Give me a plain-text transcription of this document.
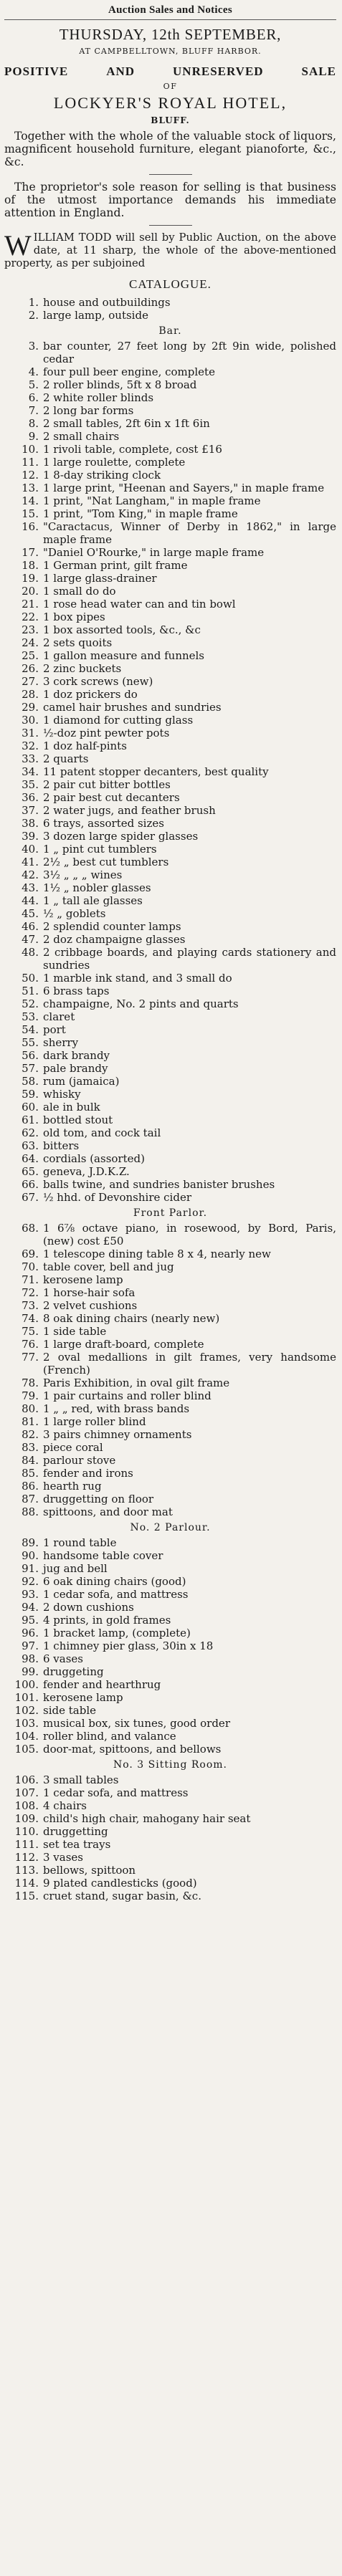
Auction Sales and Notices
THURSDAY, 12th SEPTEMBER,
AT CAMPBELLTOWN, BLUFF HARBOR.
POSITIVE	AND	UNRESERVED	SALE
OF
LOCKYER'S ROYAL HOTEL,
BLUFF.

Together with the whole of the valuable stock of liquors, magnificent household furniture, elegant pianoforte, &c., &c.

The proprietor's sole reason for selling is that business of the utmost importance demands his immediate attention in England.

WILLIAM TODD will sell by Public Auction, on the above date, at 11 sharp, the whole of the above-mentioned property, as per subjoined

CATALOGUE.
1. house and outbuildings
2. large lamp, outside
Bar.
3. bar counter, 27 feet long by 2ft 9in wide, polished cedar
4. four pull beer engine, complete
5. 2 roller blinds, 5ft x 8 broad
6. 2 white roller blinds
7. 2 long bar forms
8. 2 small tables, 2ft 6in x 1ft 6in
9. 2 small chairs
10. 1 rivoli table, complete, cost £16
11. 1 large roulette, complete
12. 1 8-day striking clock
13. 1 large print, "Heenan and Sayers," in maple frame
14. 1 print, "Nat Langham," in maple frame
15. 1 print, "Tom King," in maple frame
16. "Caractacus, Winner of Derby in 1862," in large maple frame
17. "Daniel O'Rourke," in large maple frame
18. 1 German print, gilt frame
19. 1 large glass-drainer
20. 1 small do do
21. 1 rose head water can and tin bowl
22. 1 box pipes
23. 1 box assorted tools, &c., &c
24. 2 sets quoits
25. 1 gallon measure and funnels
26. 2 zinc buckets
27. 3 cork screws (new)
28. 1 doz prickers do
29. camel hair brushes and sundries
30. 1 diamond for cutting glass
31. ½-doz pint pewter pots
32. 1 doz half-pints
33. 2 quarts
34. 11 patent stopper decanters, best quality
35. 2 pair cut bitter bottles
36. 2 pair best cut decanters
37. 2 water jugs, and feather brush
38. 6 trays, assorted sizes
39. 3 dozen large spider glasses
40. 1 „ pint cut tumblers
41. 2½ „ best cut tumblers
42. 3½ „ „ „ wines
43. 1½ „ nobler glasses
44. 1 „ tall ale glasses
45. ½ „ goblets
46. 2 splendid counter lamps
47. 2 doz champaigne glasses
48. 2 cribbage boards, and playing cards stationery and sundries
50. 1 marble ink stand, and 3 small do
51. 6 brass taps
52. champaigne, No. 2 pints and quarts
53. claret
54. port
55. sherry
56. dark brandy
57. pale brandy
58. rum (jamaica)
59. whisky
60. ale in bulk
61. bottled stout
62. old tom, and cock tail
63. bitters
64. cordials (assorted)
65. geneva, J.D.K.Z.
66. balls twine, and sundries banister brushes
67. ½ hhd. of Devonshire cider
Front Parlor.
68. 1 6⅞ octave piano, in rosewood, by Bord, Paris, (new) cost £50
69. 1 telescope dining table 8 x 4, nearly new
70. table cover, bell and jug
71. kerosene lamp
72. 1 horse-hair sofa
73. 2 velvet cushions
74. 8 oak dining chairs (nearly new)
75. 1 side table
76. 1 large draft-board, complete
77. 2 oval medallions in gilt frames, very handsome (French)
78. Paris Exhibition, in oval gilt frame
79. 1 pair curtains and roller blind
80. 1 „ „ red, with brass bands
81. 1 large roller blind
82. 3 pairs chimney ornaments
83. piece coral
84. parlour stove
85. fender and irons
86. hearth rug
87. druggetting on floor
88. spittoons, and door mat
No. 2 Parlour.
89. 1 round table
90. handsome table cover
91. jug and bell
92. 6 oak dining chairs (good)
93. 1 cedar sofa, and mattress
94. 2 down cushions
95. 4 prints, in gold frames
96. 1 bracket lamp, (complete)
97. 1 chimney pier glass, 30in x 18
98. 6 vases
99. druggeting
100. fender and hearthrug
101. kerosene lamp
102. side table
103. musical box, six tunes, good order
104. roller blind, and valance
105. door-mat, spittoons, and bellows
No. 3 Sitting Room.
106. 3 small tables
107. 1 cedar sofa, and mattress
108. 4 chairs
109. child's high chair, mahogany hair seat
110. druggetting
111. set tea trays
112. 3 vases
113. bellows, spittoon
114. 9 plated candlesticks (good)
115. cruet stand, sugar basin, &c.
